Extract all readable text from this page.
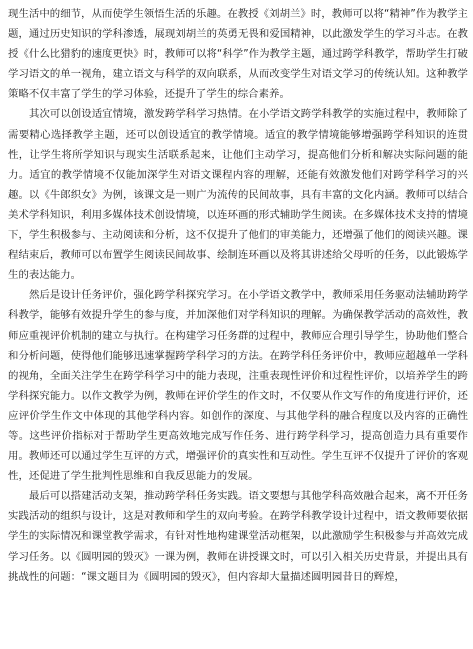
现生活中的细节，从而使学生领悟生活的乐趣。在教授《刘胡兰》时，教师可以将“精神”作为教学主题，通过历史知识的学科渗透，展现刘胡兰的英勇无畏和爱国精神，以此激发学生的学习斗志。在教授《什么比猎豹的速度更快》时，教师可以将“科学”作为教学主题，通过跨学科教学，帮助学生打破学习语文的单一视角，建立语文与科学的双向联系，从而改变学生对语文学习的传统认知。这种教学策略不仅丰富了学生的学习体验，还提升了学生的综合素养。

其次可以创设适宜情境，激发跨学科学习热情。在小学语文跨学科教学的实施过程中，教师除了需要精心选择教学主题，还可以创设适宜的教学情境。适宜的教学情境能够增强跨学科知识的连贯性，让学生将所学知识与现实生活联系起来，让他们主动学习，提高他们分析和解决实际问题的能力。适宜的教学情境不仅能加深学生对语文课程内容的理解，还能有效激发他们对跨学科学习的兴趣。以《牛郎织女》为例，该课文是一则广为流传的民间故事，具有丰富的文化内涵。教师可以结合美术学科知识，利用多媒体技术创设情境，以连环画的形式辅助学生阅读。在多媒体技术支持的情境下，学生积极参与、主动阅读和分析，这不仅提升了他们的审美能力，还增强了他们的阅读兴趣。课程结束后，教师可以布置学生阅读民间故事、绘制连环画以及将其讲述给父母听的任务，以此锻炼学生的表达能力。

然后是设计任务评价，强化跨学科探究学习。在小学语文教学中，教师采用任务驱动法辅助跨学科教学，能够有效提升学生的参与度，并加深他们对学科知识的理解。为确保教学活动的高效性，教师应重视评价机制的建立与执行。在构建学习任务群的过程中，教师应合理引导学生，协助他们整合和分析问题，使得他们能够迅速掌握跨学科学习的方法。在跨学科任务评价中，教师应超越单一学科的视角，全面关注学生在跨学科学习中的能力表现，注重表现性评价和过程性评价，以培养学生的跨学科探究能力。以作文教学为例，教师在评价学生的作文时，不仅要从作文写作的角度进行评价，还应评价学生作文中体现的其他学科内容。如创作的深度、与其他学科的融合程度以及内容的正确性等。这些评价指标对于帮助学生更高效地完成写作任务、进行跨学科学习，提高创造力具有重要作用。教师还可以通过学生互评的方式，增强评价的真实性和互动性。学生互评不仅提升了评价的客观性，还促进了学生批判性思维和自我反思能力的发展。

最后可以搭建活动支架，推动跨学科任务实践。语文要想与其他学科高效融合起来，离不开任务实践活动的组织与设计，这是对教师和学生的双向考验。在跨学科教学设计过程中，语文教师要依据学生的实际情况和课堂教学需求，有针对性地构建课堂活动框架，以此激励学生积极参与并高效完成学习任务。以《圆明园的毁灭》一课为例，教师在讲授课文时，可以引入相关历史背景，并提出具有挑战性的问题：“课文题目为《圆明园的毁灭》，但内容却大量描述圆明园昔日的辉煌，
